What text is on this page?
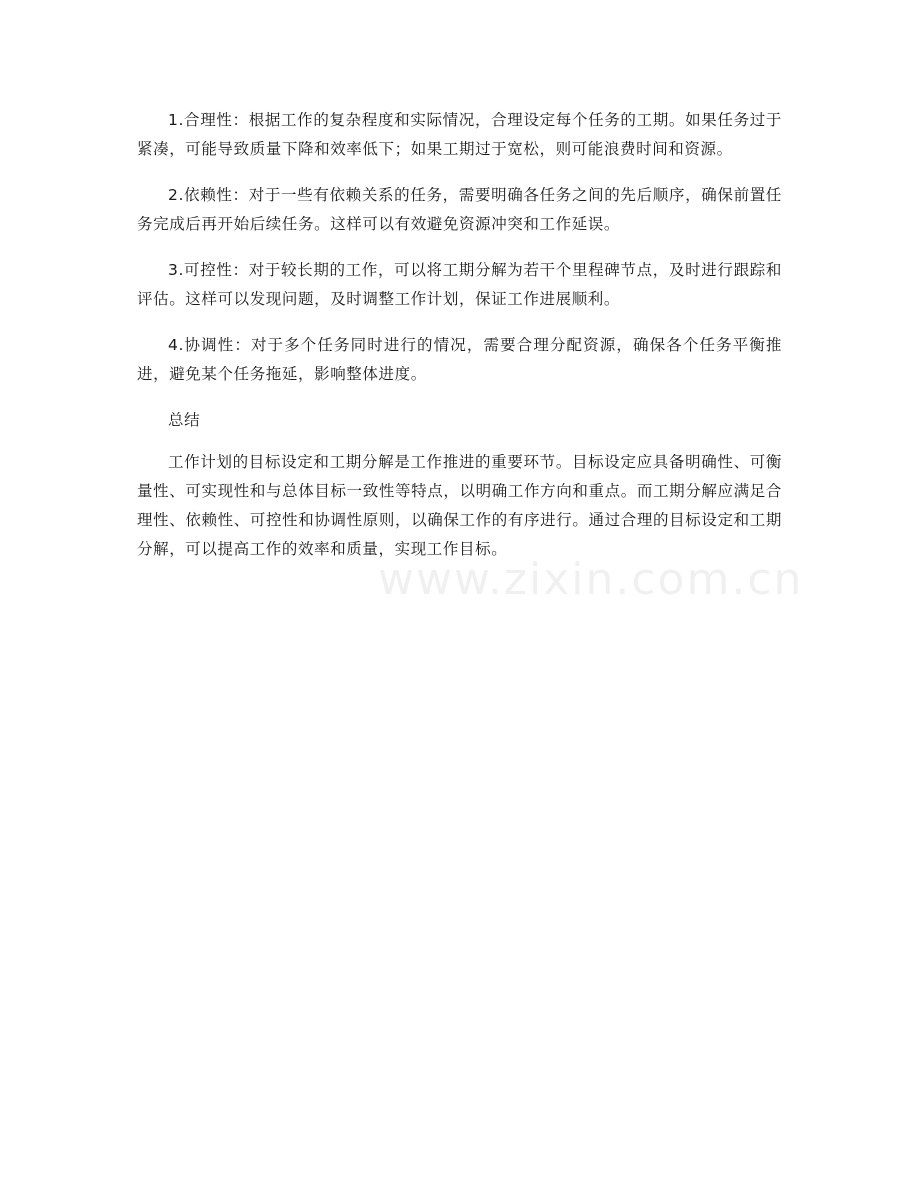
1.合理性：根据工作的复杂程度和实际情况，合理设定每个任务的工期。如果任务过于紧凑，可能导致质量下降和效率低下；如果工期过于宽松，则可能浪费时间和资源。

2.依赖性：对于一些有依赖关系的任务，需要明确各任务之间的先后顺序，确保前置任务完成后再开始后续任务。这样可以有效避免资源冲突和工作延误。

3.可控性：对于较长期的工作，可以将工期分解为若干个里程碑节点，及时进行跟踪和评估。这样可以发现问题，及时调整工作计划，保证工作进展顺利。

4.协调性：对于多个任务同时进行的情况，需要合理分配资源，确保各个任务平衡推进，避免某个任务拖延，影响整体进度。

总结

工作计划的目标设定和工期分解是工作推进的重要环节。目标设定应具备明确性、可衡量性、可实现性和与总体目标一致性等特点，以明确工作方向和重点。而工期分解应满足合理性、依赖性、可控性和协调性原则，以确保工作的有序进行。通过合理的目标设定和工期分解，可以提高工作的效率和质量，实现工作目标。

www.zixin.com.cn
